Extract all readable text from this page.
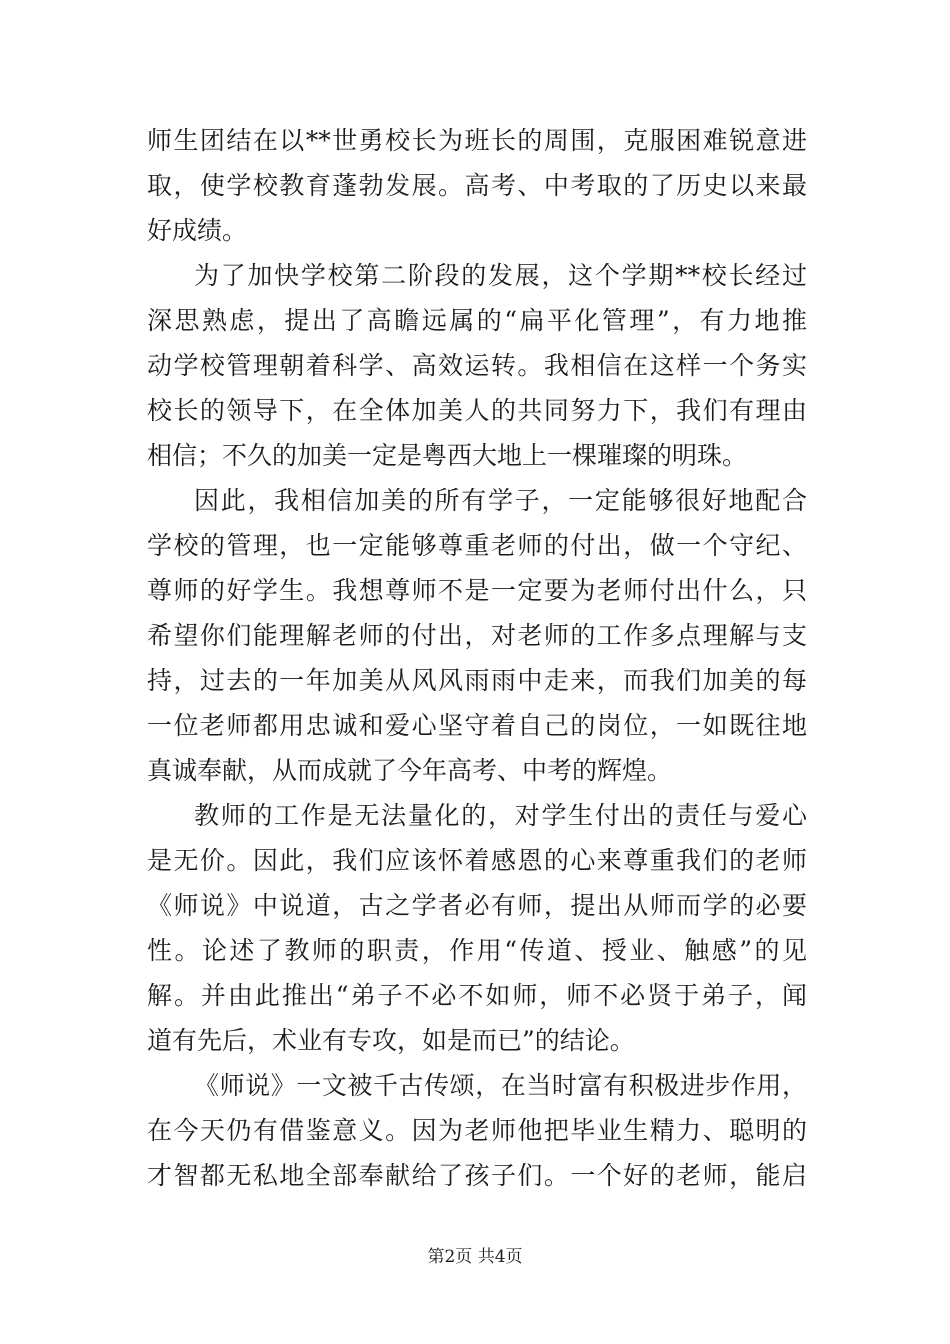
师生团结在以**世勇校长为班长的周围，克服困难锐意进
取，使学校教育蓬勃发展。高考、中考取的了历史以来最
好成绩。
为了加快学校第二阶段的发展，这个学期**校长经过
深思熟虑，提出了高瞻远属的“扁平化管理”，有力地推
动学校管理朝着科学、高效运转。我相信在这样一个务实
校长的领导下，在全体加美人的共同努力下，我们有理由
相信；不久的加美一定是粤西大地上一棵璀璨的明珠。
因此，我相信加美的所有学子，一定能够很好地配合
学校的管理，也一定能够尊重老师的付出，做一个守纪、
尊师的好学生。我想尊师不是一定要为老师付出什么，只
希望你们能理解老师的付出，对老师的工作多点理解与支
持，过去的一年加美从风风雨雨中走来，而我们加美的每
一位老师都用忠诚和爱心坚守着自己的岗位，一如既往地
真诚奉献，从而成就了今年高考、中考的辉煌。
教师的工作是无法量化的，对学生付出的责任与爱心
是无价。因此，我们应该怀着感恩的心来尊重我们的老师
《师说》中说道，古之学者必有师，提出从师而学的必要
性。论述了教师的职责，作用“传道、授业、触感”的见
解。并由此推出“弟子不必不如师，师不必贤于弟子，闻
道有先后，术业有专攻，如是而已”的结论。
《师说》一文被千古传颂，在当时富有积极进步作用，
在今天仍有借鉴意义。因为老师他把毕业生精力、聪明的
才智都无私地全部奉献给了孩子们。一个好的老师，能启
第2页 共4页
